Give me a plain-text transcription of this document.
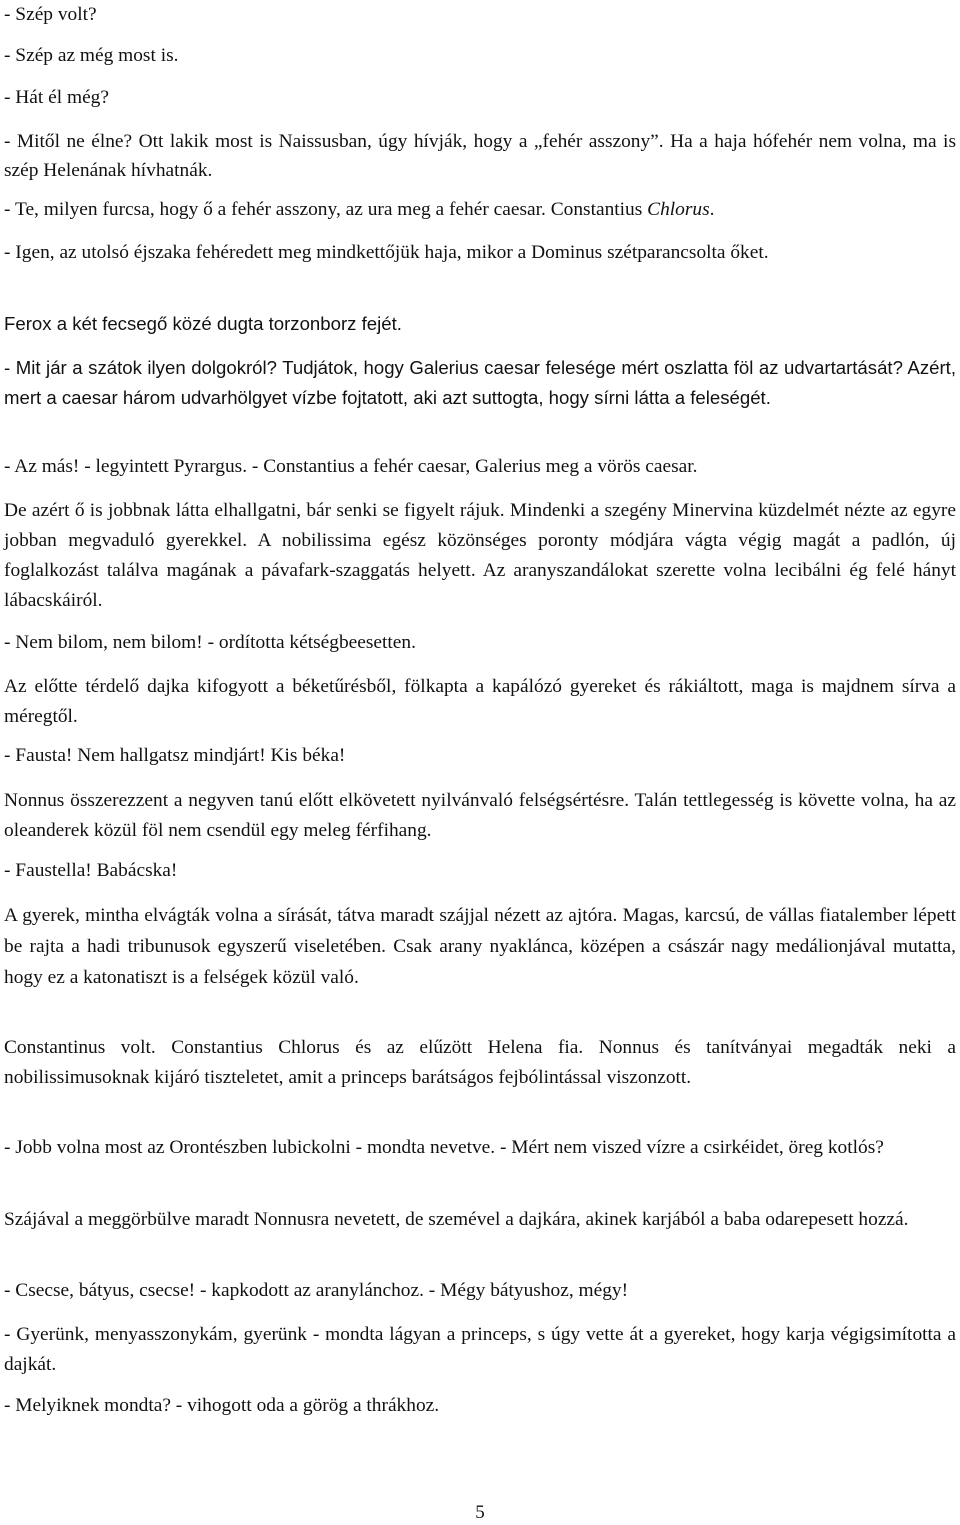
- Szép volt?

- Szép az még most is.

- Hát él még?

- Mitől ne élne? Ott lakik most is Naissusban, úgy hívják, hogy a „fehér asszony”. Ha a haja hófehér nem volna, ma is szép Helenának hívhatnák.

- Te, milyen furcsa, hogy ő a fehér asszony, az ura meg a fehér caesar. Constantius Chlorus.

- Igen, az utolsó éjszaka fehéredett meg mindkettőjük haja, mikor a Dominus szétparancsolta őket.

Ferox a két fecsegő közé dugta torzonborz fejét.

- Mit jár a szátok ilyen dolgokról? Tudjátok, hogy Galerius caesar felesége mért oszlatta föl az udvartartását? Azért, mert a caesar három udvarhölgyet vízbe fojtatott, aki azt suttogta, hogy sírni látta a feleségét.

- Az más! - legyintett Pyrargus. - Constantius a fehér caesar, Galerius meg a vörös caesar.

De azért ő is jobbnak látta elhallgatni, bár senki se figyelt rájuk. Mindenki a szegény Minervina küzdelmét nézte az egyre jobban megvaduló gyerekkel. A nobilissima egész közönséges poronty módjára vágta végig magát a padlón, új foglalkozást találva magának a pávafark-szaggatás helyett. Az aranyszandálokat szerette volna lecibálni ég felé hányt lábacskáiról.

- Nem bilom, nem bilom! - ordította kétségbeesetten.

Az előtte térdelő dajka kifogyott a béketűrésből, fölkapta a kapálózó gyereket és rákiáltott, maga is majdnem sírva a méregtől.

- Fausta! Nem hallgatsz mindjárt! Kis béka!

Nonnus összerezzent a negyven tanú előtt elkövetett nyilvánvaló felségsértésre. Talán tettlegesség is követte volna, ha az oleanderek közül föl nem csendül egy meleg férfihang.

- Faustella! Babácska!

A gyerek, mintha elvágták volna a sírását, tátva maradt szájjal nézett az ajtóra. Magas, karcsú, de vállas fiatalember lépett be rajta a hadi tribunusok egyszerű viseletében. Csak arany nyaklánca, középen a császár nagy medálionjával mutatta, hogy ez a katonatiszt is a felségek közül való.

Constantinus volt. Constantius Chlorus és az elűzött Helena fia. Nonnus és tanítványai megadták neki a nobilissimusoknak kijáró tiszteletet, amit a princeps barátságos fejbólintással viszonzott.

- Jobb volna most az Orontészben lubickolni - mondta nevetve. - Mért nem viszed vízre a csirkéidet, öreg kotlós?

Szájával a meggörbülve maradt Nonnusra nevetett, de szemével a dajkára, akinek karjából a baba odarepesett hozzá.

- Csecse, bátyus, csecse! - kapkodott az aranylánchoz. - Mégy bátyushoz, mégy!

- Gyerünk, menyasszonykám, gyerünk - mondta lágyan a princeps, s úgy vette át a gyereket, hogy karja végigsimította a dajkát.

- Melyiknek mondta? - vihogott oda a görög a thrákhoz.

5
